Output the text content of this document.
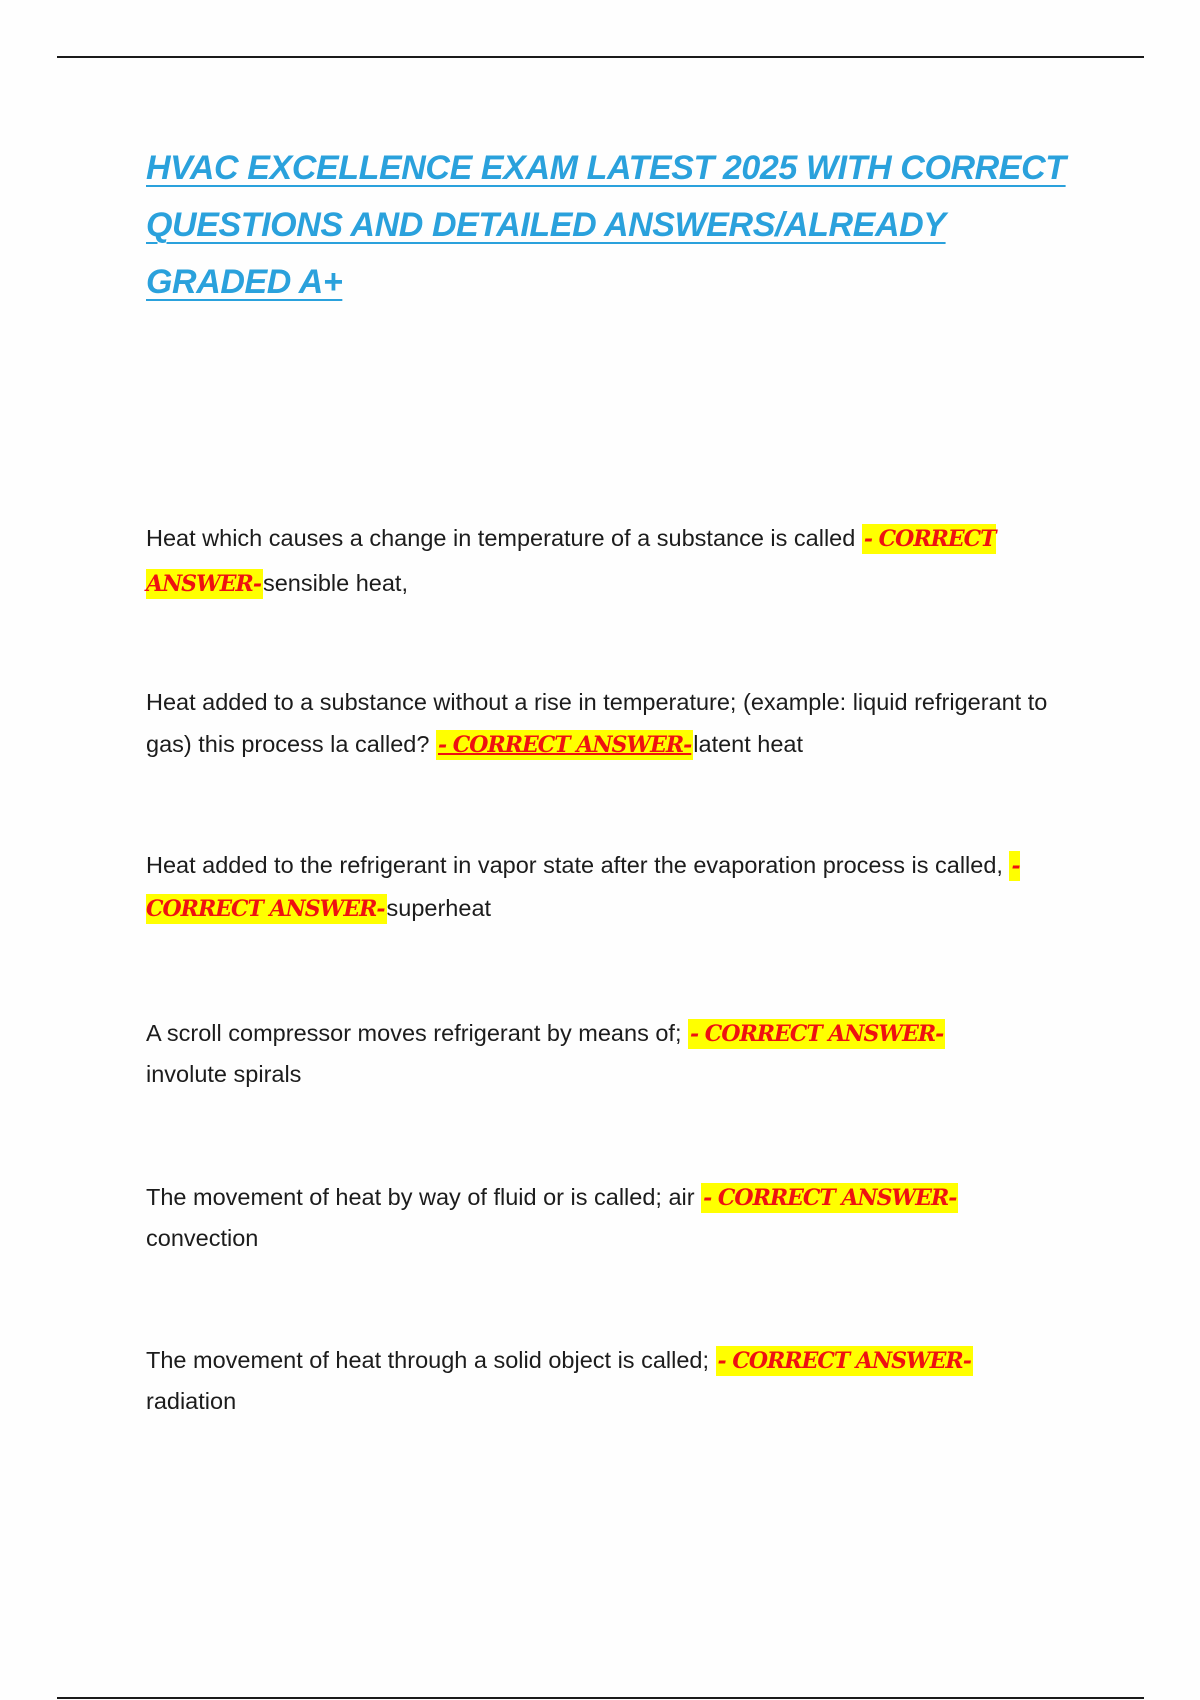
HVAC EXCELLENCE EXAM LATEST 2025 WITH CORRECT QUESTIONS AND DETAILED ANSWERS/ALREADY GRADED A+

Heat which causes a change in temperature of a substance is called - CORRECT ANSWER-sensible heat,

Heat added to a substance without a rise in temperature; (example: liquid refrigerant to gas) this process la called? - CORRECT ANSWER-latent heat

Heat added to the refrigerant in vapor state after the evaporation process is called, - CORRECT ANSWER-superheat

A scroll compressor moves refrigerant by means of; - CORRECT ANSWER-
involute spirals

The movement of heat by way of fluid or is called; air - CORRECT ANSWER-
convection

The movement of heat through a solid object is called; - CORRECT ANSWER-
radiation
